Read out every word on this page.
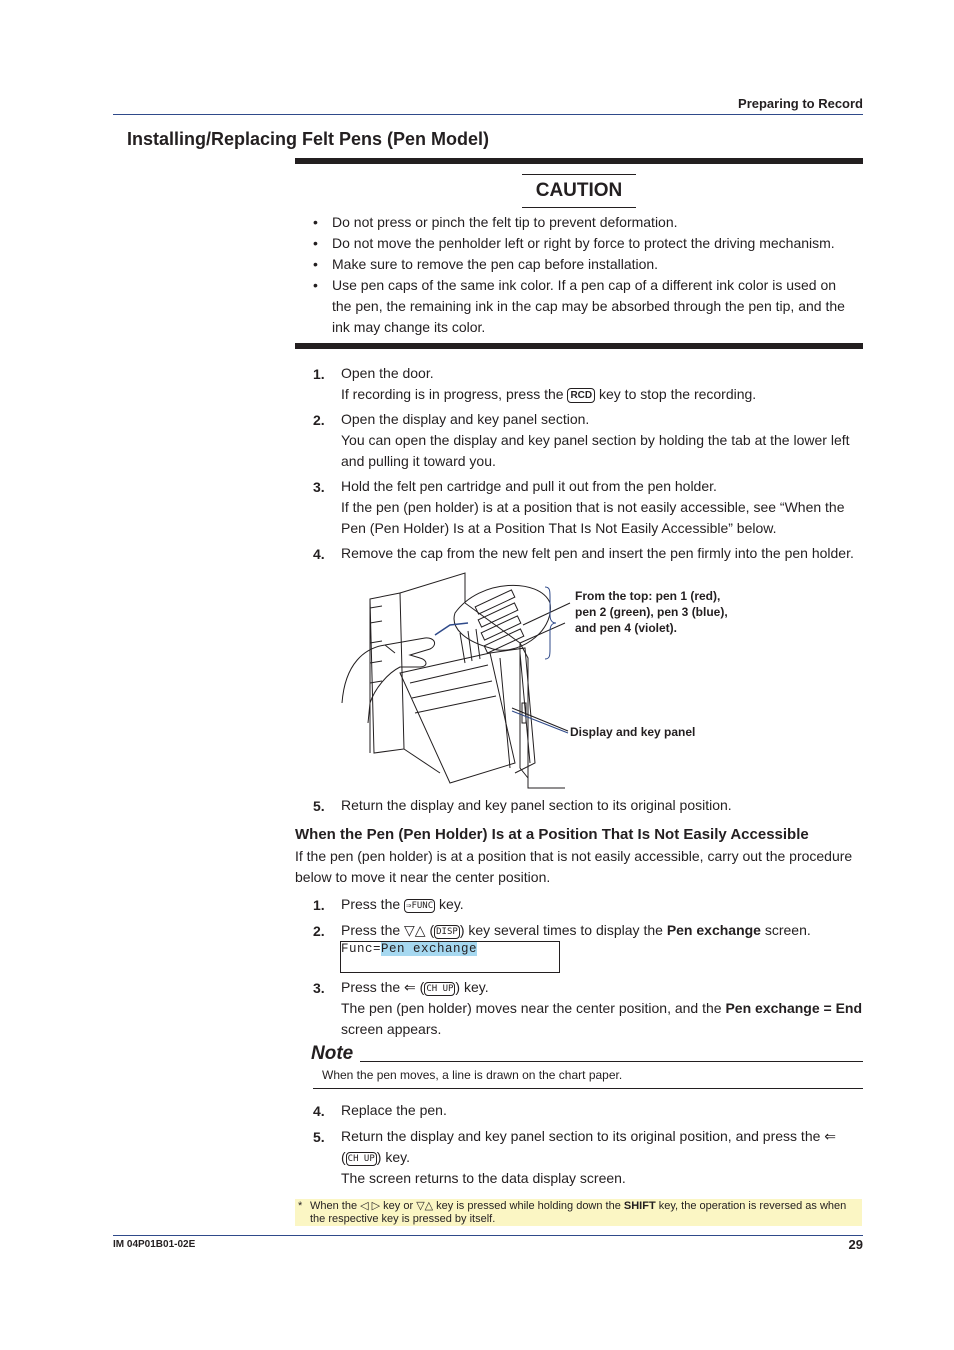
Preparing to Record
Installing/Replacing Felt Pens (Pen Model)
CAUTION
• Do not press or pinch the felt tip to prevent deformation.
• Do not move the penholder left or right by force to protect the driving mechanism.
• Make sure to remove the pen cap before installation.
• Use pen caps of the same ink color. If a pen cap of a different ink color is used on the pen, the remaining ink in the cap may be absorbed through the pen tip, and the ink may change its color.
1. Open the door.
If recording is in progress, press the RCD key to stop the recording.
2. Open the display and key panel section.
You can open the display and key panel section by holding the tab at the lower left and pulling it toward you.
3. Hold the felt pen cartridge and pull it out from the pen holder.
If the pen (pen holder) is at a position that is not easily accessible, see “When the Pen (Pen Holder) Is at a Position That Is Not Easily Accessible” below.
4. Remove the cap from the new felt pen and insert the pen firmly into the pen holder.
From the top: pen 1 (red),
pen 2 (green), pen 3 (blue),
and pen 4 (violet).
Display and key panel
5. Return the display and key panel section to its original position.
When the Pen (Pen Holder) Is at a Position That Is Not Easily Accessible
If the pen (pen holder) is at a position that is not easily accessible, carry out the procedure below to move it near the center position.
1. Press the ⇒FUNC key.
2. Press the ▽△ ( DISP ) key several times to display the Pen exchange screen.
Func=Pen exchange
3. Press the ⇐ ( CH UP ) key.
The pen (pen holder) moves near the center position, and the Pen exchange = End screen appears.
Note
When the pen moves, a line is drawn on the chart paper.
4. Replace the pen.
5. Return the display and key panel section to its original position, and press the ⇐
( CH UP ) key.
The screen returns to the data display screen.
* When the ◁ ▷ key or ▽△ key is pressed while holding down the SHIFT key, the operation is reversed as when the respective key is pressed by itself.
IM 04P01B01-02E	29
